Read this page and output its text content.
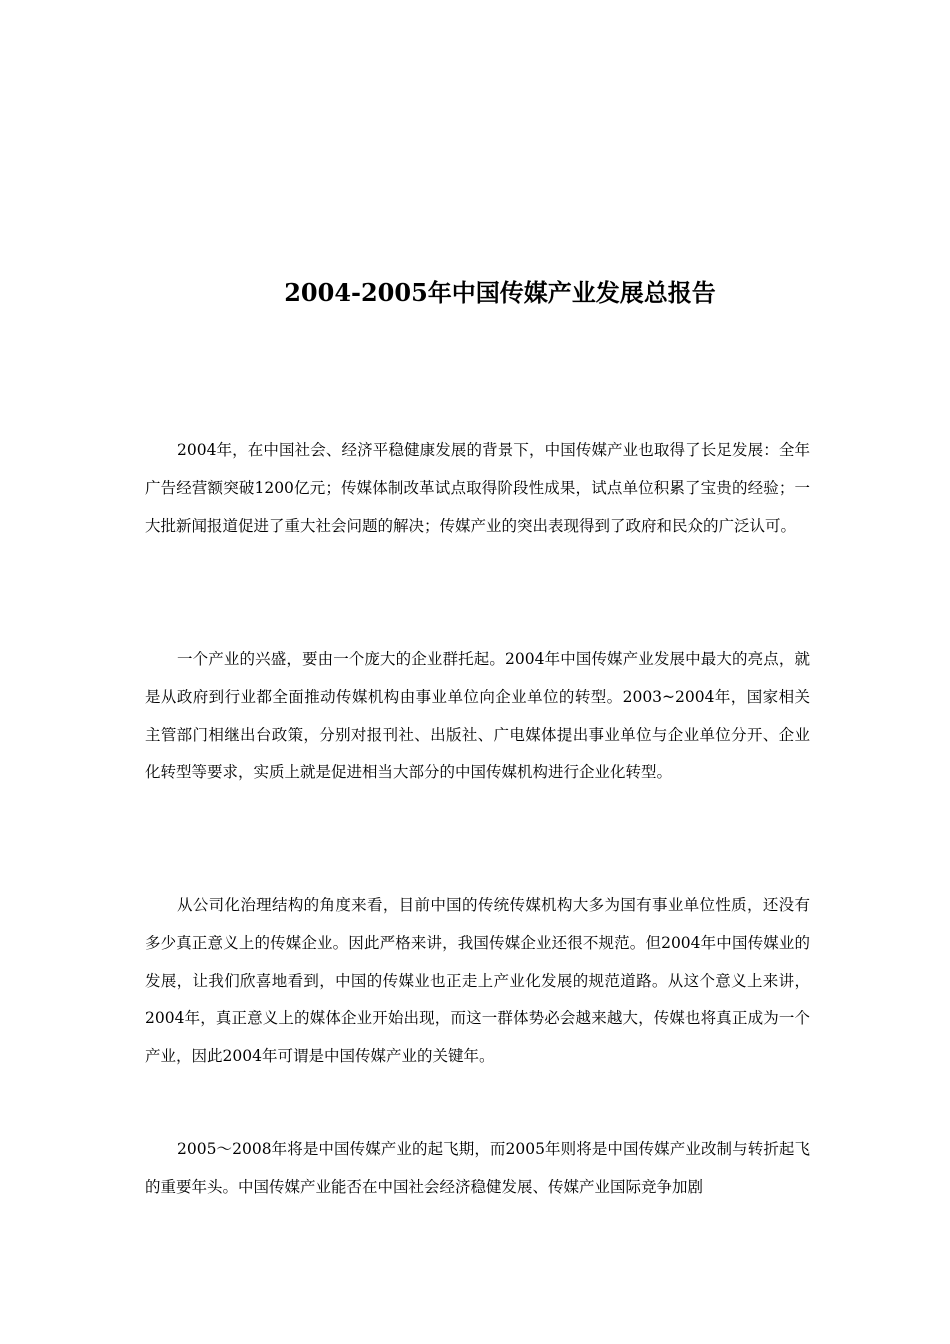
2004-2005年中国传媒产业发展总报告

2004年，在中国社会、经济平稳健康发展的背景下，中国传媒产业也取得了长足发展：全年广告经营额突破1200亿元；传媒体制改革试点取得阶段性成果，试点单位积累了宝贵的经验；一大批新闻报道促进了重大社会问题的解决；传媒产业的突出表现得到了政府和民众的广泛认可。

一个产业的兴盛，要由一个庞大的企业群托起。2004年中国传媒产业发展中最大的亮点，就是从政府到行业都全面推动传媒机构由事业单位向企业单位的转型。2003~2004年，国家相关主管部门相继出台政策，分别对报刊社、出版社、广电媒体提出事业单位与企业单位分开、企业化转型等要求，实质上就是促进相当大部分的中国传媒机构进行企业化转型。

从公司化治理结构的角度来看，目前中国的传统传媒机构大多为国有事业单位性质，还没有多少真正意义上的传媒企业。因此严格来讲，我国传媒企业还很不规范。但2004年中国传媒业的发展，让我们欣喜地看到，中国的传媒业也正走上产业化发展的规范道路。从这个意义上来讲，2004年，真正意义上的媒体企业开始出现，而这一群体势必会越来越大，传媒也将真正成为一个产业，因此2004年可谓是中国传媒产业的关键年。

2005～2008年将是中国传媒产业的起飞期，而2005年则将是中国传媒产业改制与转折起飞的重要年头。中国传媒产业能否在中国社会经济稳健发展、传媒产业国际竞争加剧
